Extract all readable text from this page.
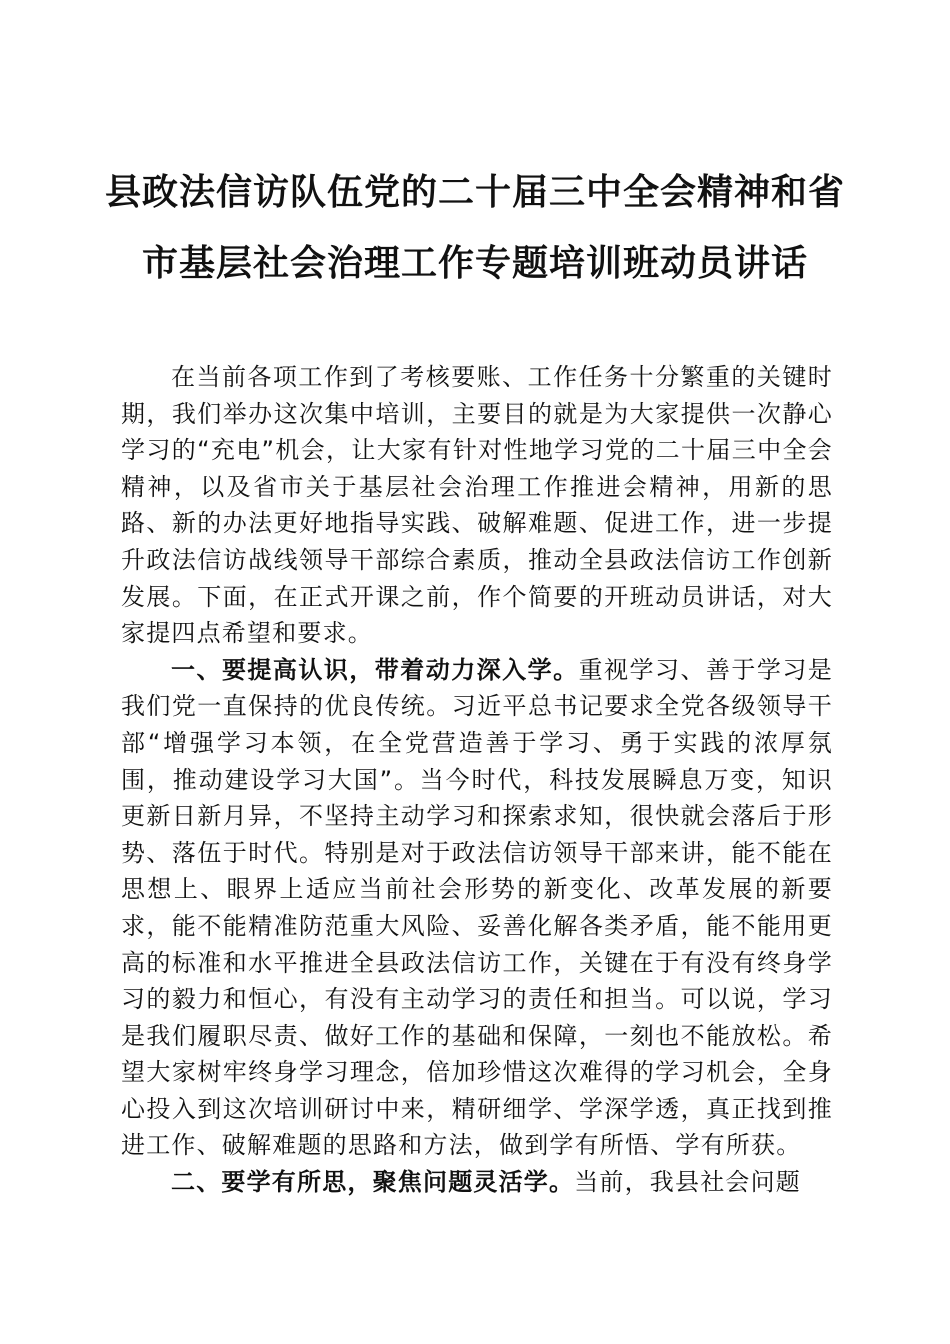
县政法信访队伍党的二十届三中全会精神和省
市基层社会治理工作专题培训班动员讲话

在当前各项工作到了考核要账、工作任务十分繁重的关键时期，我们举办这次集中培训，主要目的就是为大家提供一次静心学习的“充电”机会，让大家有针对性地学习党的二十届三中全会精神，以及省市关于基层社会治理工作推进会精神，用新的思路、新的办法更好地指导实践、破解难题、促进工作，进一步提升政法信访战线领导干部综合素质，推动全县政法信访工作创新发展。下面，在正式开课之前，作个简要的开班动员讲话，对大家提四点希望和要求。

一、要提高认识，带着动力深入学。重视学习、善于学习是我们党一直保持的优良传统。习近平总书记要求全党各级领导干部“增强学习本领，在全党营造善于学习、勇于实践的浓厚氛围，推动建设学习大国”。当今时代，科技发展瞬息万变，知识更新日新月异，不坚持主动学习和探索求知，很快就会落后于形势、落伍于时代。特别是对于政法信访领导干部来讲，能不能在思想上、眼界上适应当前社会形势的新变化、改革发展的新要求，能不能精准防范重大风险、妥善化解各类矛盾，能不能用更高的标准和水平推进全县政法信访工作，关键在于有没有终身学习的毅力和恒心，有没有主动学习的责任和担当。可以说，学习是我们履职尽责、做好工作的基础和保障，一刻也不能放松。希望大家树牢终身学习理念，倍加珍惜这次难得的学习机会，全身心投入到这次培训研讨中来，精研细学、学深学透，真正找到推进工作、破解难题的思路和方法，做到学有所悟、学有所获。

二、要学有所思，聚焦问题灵活学。当前，我县社会问题
